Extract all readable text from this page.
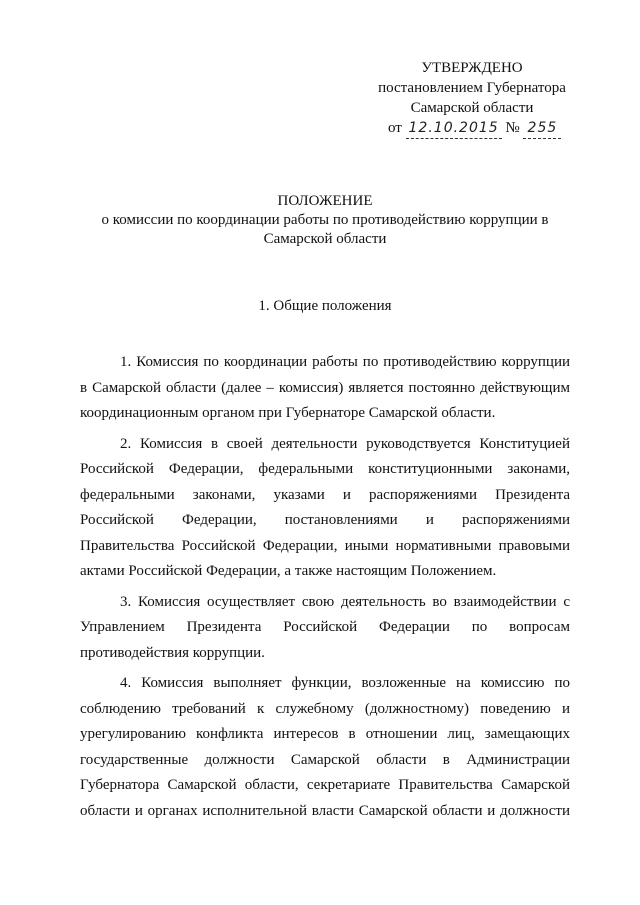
УТВЕРЖДЕНО
постановлением Губернатора
Самарской области
от 12.10.2015 № 255
ПОЛОЖЕНИЕ
о комиссии по координации работы по противодействию коррупции в
Самарской области
1. Общие положения

1. Комиссия по координации работы по противодействию коррупции
в Самарской области (далее – комиссия) является постоянно действующим
координационным органом при Губернаторе Самарской области.

2. Комиссия в своей деятельности руководствуется Конституцией
Российской Федерации, федеральными конституционными законами,
федеральными законами, указами и распоряжениями Президента
Российской Федерации, постановлениями и распоряжениями
Правительства Российской Федерации, иными нормативными правовыми
актами Российской Федерации, а также настоящим Положением.

3. Комиссия осуществляет свою деятельность во взаимодействии с
Управлением Президента Российской Федерации по вопросам
противодействия коррупции.

4. Комиссия выполняет функции, возложенные на комиссию по
соблюдению требований к служебному (должностному) поведению и
урегулированию конфликта интересов в отношении лиц, замещающих
государственные должности Самарской области в Администрации
Губернатора Самарской области, секретариате Правительства Самарской
области и органах исполнительной власти Самарской области и должности
